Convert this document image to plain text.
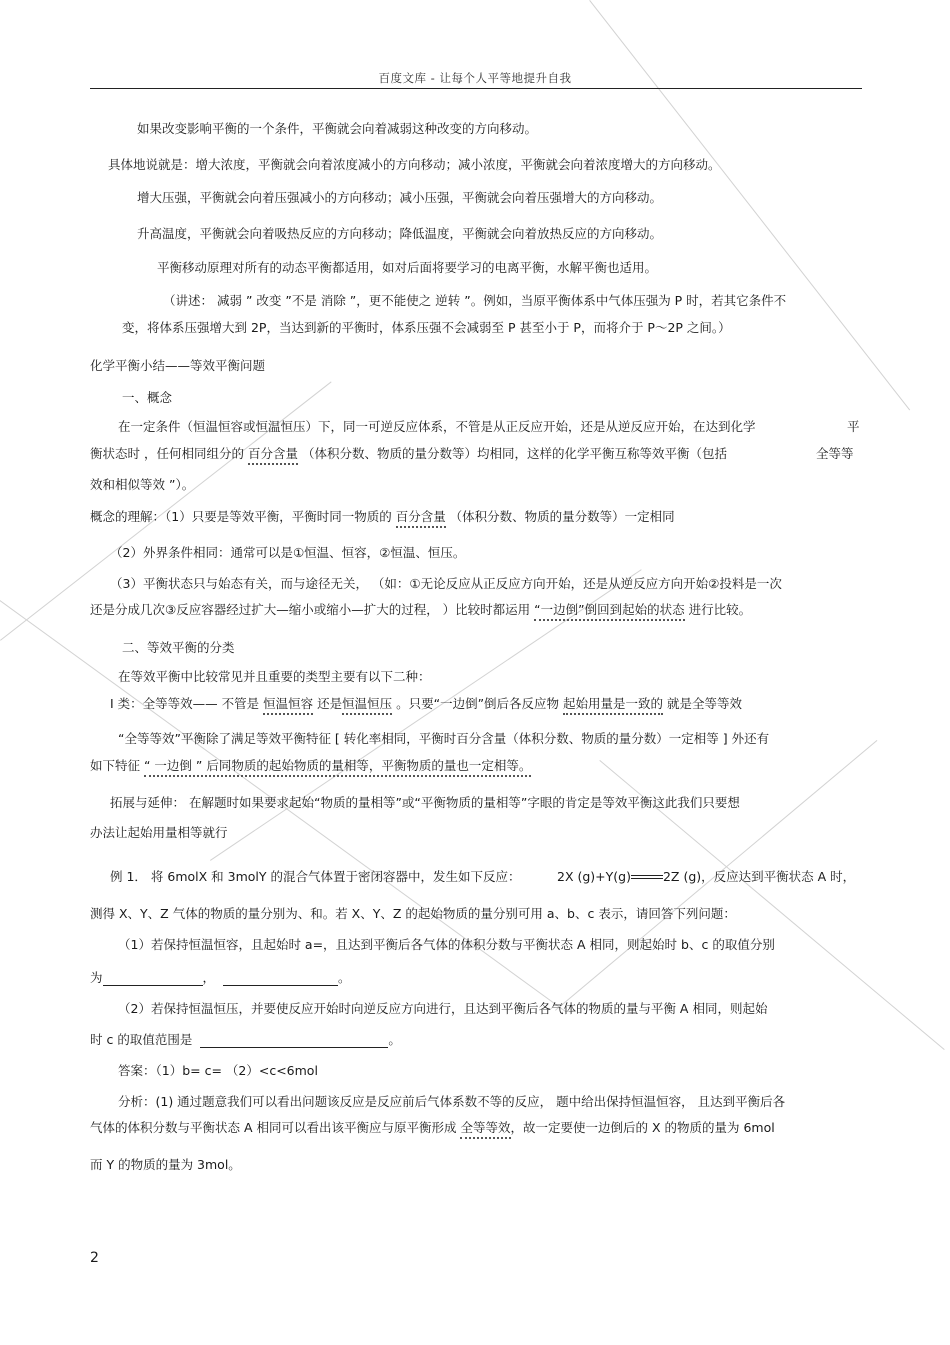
百度文库 - 让每个人平等地提升自我
如果改变影响平衡的一个条件，平衡就会向着减弱这种改变的方向移动。
具体地说就是：增大浓度，平衡就会向着浓度减小的方向移动；减小浓度，平衡就会向着浓度增大的方向移动。
增大压强，平衡就会向着压强减小的方向移动；减小压强，平衡就会向着压强增大的方向移动。
升高温度，平衡就会向着吸热反应的方向移动；降低温度，平衡就会向着放热反应的方向移动。
平衡移动原理对所有的动态平衡都适用，如对后面将要学习的电离平衡，水解平衡也适用。
（讲述： 减弱 ” 改变 ”不是 消除 ”，更不能使之 逆转 ”。例如，当原平衡体系中气体压强为 P 时，若其它条件不
变，将体系压强增大到 2P，当达到新的平衡时，体系压强不会减弱至 P 甚至小于 P，而将介于 P～2P 之间。）
化学平衡小结——等效平衡问题
一、概念
在一定条件（恒温恒容或恒温恒压）下，同一可逆反应体系，不管是从正反应开始，还是从逆反应开始，在达到化学	平
衡状态时 ，任何相同组分的 百分含量 （体积分数、物质的量分数等）均相同，这样的化学平衡互称等效平衡（包括	全等等
效和相似等效 ”）。
概念的理解：（1）只要是等效平衡，平衡时同一物质的 百分含量 （体积分数、物质的量分数等）一定相同
（2）外界条件相同：通常可以是①恒温、恒容，②恒温、恒压。
（3）平衡状态只与始态有关，而与途径无关， （如：①无论反应从正反应方向开始，还是从逆反应方向开始②投料是一次
还是分成几次③反应容器经过扩大—缩小或缩小—扩大的过程， ）比较时都运用 “一边倒”倒回到起始的状态 进行比较。
二、等效平衡的分类
在等效平衡中比较常见并且重要的类型主要有以下二种：
I 类：全等等效—— 不管是 恒温恒容 还是恒温恒压 。只要“一边倒”倒后各反应物 起始用量是一致的 就是全等等效
“全等等效”平衡除了满足等效平衡特征 [ 转化率相同，平衡时百分含量（体积分数、物质的量分数）一定相等 ] 外还有
如下特征 “ 一边倒 ” 后同物质的起始物质的量相等，平衡物质的量也一定相等。
拓展与延伸： 在解题时如果要求起始“物质的量相等”或“平衡物质的量相等”字眼的肯定是等效平衡这此我们只要想
办法让起始用量相等就行
例 1． 将 6molX 和 3molY 的混合气体置于密闭容器中，发生如下反应：	2X (g)+Y(g)	2Z (g)，反应达到平衡状态 A 时，
测得 X、Y、Z 气体的物质的量分别为、和。若 X、Y、Z 的起始物质的量分别可用 a、b、c 表示，请回答下列问题：
（1）若保持恒温恒容，且起始时 a=，且达到平衡后各气体的体积分数与平衡状态 A 相同，则起始时 b、c 的取值分别
为	，	。
（2）若保持恒温恒压，并要使反应开始时向逆反应方向进行，且达到平衡后各气体的物质的量与平衡 A 相同，则起始
时 c 的取值范围是	。
答案：（1）b= c= （2）<c<6mol
分析：(1) 通过题意我们可以看出问题该反应是反应前后气体系数不等的反应， 题中给出保持恒温恒容， 且达到平衡后各
气体的体积分数与平衡状态 A 相同可以看出该平衡应与原平衡形成 全等等效，故一定要使一边倒后的 X 的物质的量为 6mol
而 Y 的物质的量为 3mol。
2
